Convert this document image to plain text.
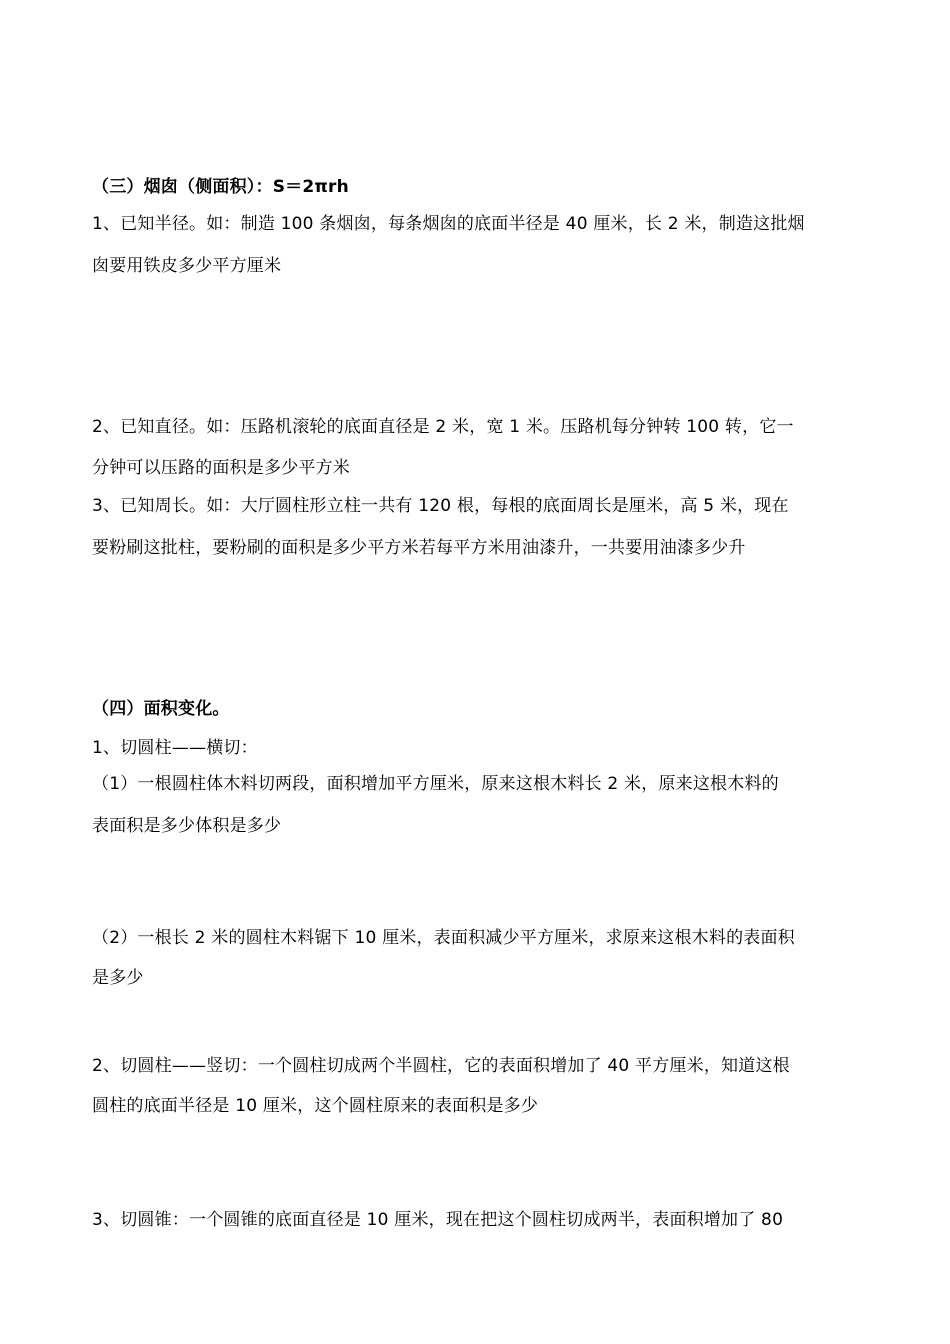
（三）烟囱（侧面积）：S＝2πrh
1、已知半径。如：制造 100 条烟囱，每条烟囱的底面半径是 40 厘米，长 2 米，制造这批烟
囱要用铁皮多少平方厘米
2、已知直径。如：压路机滚轮的底面直径是 2 米，宽 1 米。压路机每分钟转 100 转，它一
分钟可以压路的面积是多少平方米
3、已知周长。如：大厅圆柱形立柱一共有 120 根，每根的底面周长是厘米，高 5 米，现在
要粉刷这批柱，要粉刷的面积是多少平方米若每平方米用油漆升，一共要用油漆多少升
（四）面积变化。
1、切圆柱——横切：
（1）一根圆柱体木料切两段，面积增加平方厘米，原来这根木料长 2 米，原来这根木料的
表面积是多少体积是多少
（2）一根长 2 米的圆柱木料锯下 10 厘米，表面积减少平方厘米，求原来这根木料的表面积
是多少
2、切圆柱——竖切：一个圆柱切成两个半圆柱，它的表面积增加了 40 平方厘米，知道这根
圆柱的底面半径是 10 厘米，这个圆柱原来的表面积是多少
3、切圆锥：一个圆锥的底面直径是 10 厘米，现在把这个圆柱切成两半，表面积增加了 80
